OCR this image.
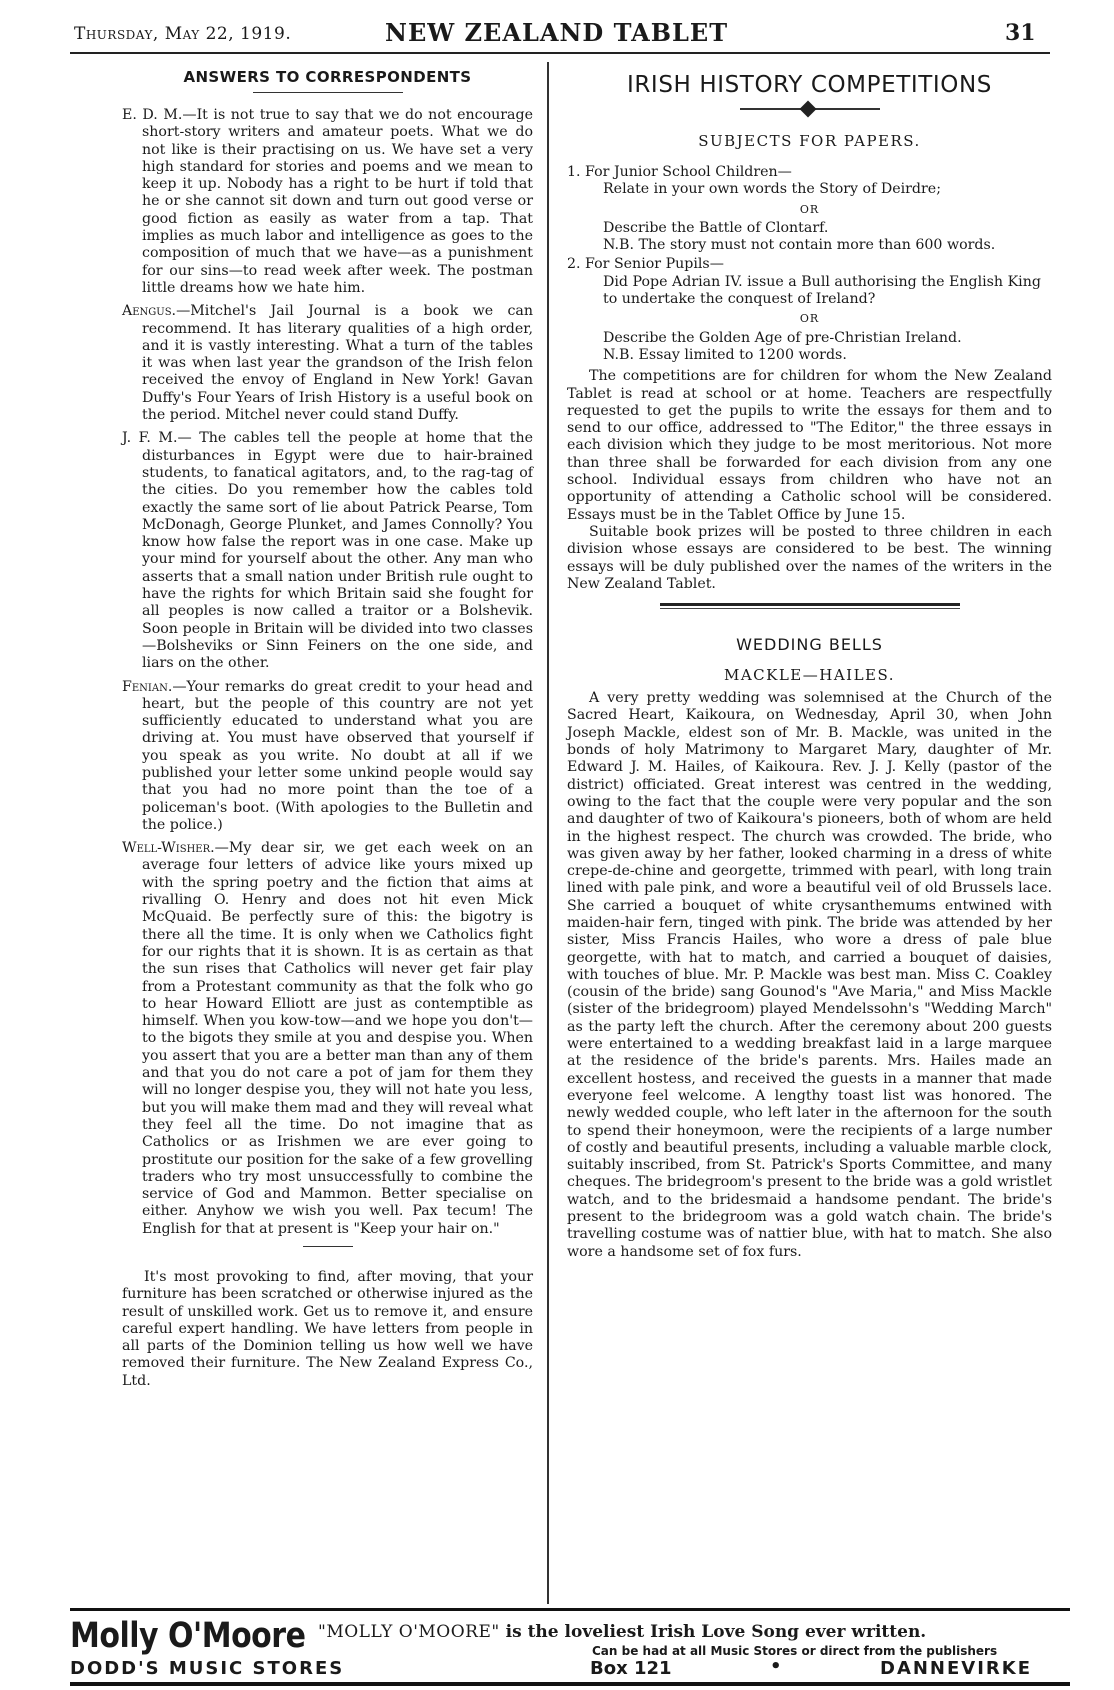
Thursday, May 22, 1919.	NEW ZEALAND TABLET	31
ANSWERS TO CORRESPONDENTS

E. D. M.—It is not true to say that we do not encourage short-story writers and amateur poets. What we do not like is their practising on us. We have set a very high standard for stories and poems and we mean to keep it up. Nobody has a right to be hurt if told that he or she cannot sit down and turn out good verse or good fiction as easily as water from a tap. That implies as much labor and intelligence as goes to the composition of much that we have—as a punishment for our sins—to read week after week. The postman little dreams how we hate him.

Aengus.—Mitchel's Jail Journal is a book we can recommend. It has literary qualities of a high order, and it is vastly interesting. What a turn of the tables it was when last year the grandson of the Irish felon received the envoy of England in New York! Gavan Duffy's Four Years of Irish History is a useful book on the period. Mitchel never could stand Duffy.

J. F. M.— The cables tell the people at home that the disturbances in Egypt were due to hair-brained students, to fanatical agitators, and, to the rag-tag of the cities. Do you remember how the cables told exactly the same sort of lie about Patrick Pearse, Tom McDonagh, George Plunket, and James Connolly? You know how false the report was in one case. Make up your mind for yourself about the other. Any man who asserts that a small nation under British rule ought to have the rights for which Britain said she fought for all peoples is now called a traitor or a Bolshevik. Soon people in Britain will be divided into two classes—Bolsheviks or Sinn Feiners on the one side, and liars on the other.

Fenian.—Your remarks do great credit to your head and heart, but the people of this country are not yet sufficiently educated to understand what you are driving at. You must have observed that yourself if you speak as you write. No doubt at all if we published your letter some unkind people would say that you had no more point than the toe of a policeman's boot. (With apologies to the Bulletin and the police.)

Well-Wisher.—My dear sir, we get each week on an average four letters of advice like yours mixed up with the spring poetry and the fiction that aims at rivalling O. Henry and does not hit even Mick McQuaid. Be perfectly sure of this: the bigotry is there all the time. It is only when we Catholics fight for our rights that it is shown. It is as certain as that the sun rises that Catholics will never get fair play from a Protestant community as that the folk who go to hear Howard Elliott are just as contemptible as himself. When you kow-tow—and we hope you don't—to the bigots they smile at you and despise you. When you assert that you are a better man than any of them and that you do not care a pot of jam for them they will no longer despise you, they will not hate you less, but you will make them mad and they will reveal what they feel all the time. Do not imagine that as Catholics or as Irishmen we are ever going to prostitute our position for the sake of a few grovelling traders who try most unsuccessfully to combine the service of God and Mammon. Better specialise on either. Anyhow we wish you well. Pax tecum! The English for that at present is "Keep your hair on."

It's most provoking to find, after moving, that your furniture has been scratched or otherwise injured as the result of unskilled work. Get us to remove it, and ensure careful expert handling. We have letters from people in all parts of the Dominion telling us how well we have removed their furniture. The New Zealand Express Co., Ltd.

IRISH HISTORY COMPETITIONS
SUBJECTS FOR PAPERS.
1. For Junior School Children—
Relate in your own words the Story of Deirdre;
OR
Describe the Battle of Clontarf.
N.B. The story must not contain more than 600 words.
2. For Senior Pupils—
Did Pope Adrian IV. issue a Bull authorising the English King to undertake the conquest of Ireland?
OR
Describe the Golden Age of pre-Christian Ireland.
N.B. Essay limited to 1200 words.

The competitions are for children for whom the New Zealand Tablet is read at school or at home. Teachers are respectfully requested to get the pupils to write the essays for them and to send to our office, addressed to "The Editor," the three essays in each division which they judge to be most meritorious. Not more than three shall be forwarded for each division from any one school. Individual essays from children who have not an opportunity of attending a Catholic school will be considered. Essays must be in the Tablet Office by June 15.

Suitable book prizes will be posted to three children in each division whose essays are considered to be best. The winning essays will be duly published over the names of the writers in the New Zealand Tablet.

WEDDING BELLS
MACKLE—HAILES.

A very pretty wedding was solemnised at the Church of the Sacred Heart, Kaikoura, on Wednesday, April 30, when John Joseph Mackle, eldest son of Mr. B. Mackle, was united in the bonds of holy Matrimony to Margaret Mary, daughter of Mr. Edward J. M. Hailes, of Kaikoura. Rev. J. J. Kelly (pastor of the district) officiated. Great interest was centred in the wedding, owing to the fact that the couple were very popular and the son and daughter of two of Kaikoura's pioneers, both of whom are held in the highest respect. The church was crowded. The bride, who was given away by her father, looked charming in a dress of white crepe-de-chine and georgette, trimmed with pearl, with long train lined with pale pink, and wore a beautiful veil of old Brussels lace. She carried a bouquet of white crysanthemums entwined with maiden-hair fern, tinged with pink. The bride was attended by her sister, Miss Francis Hailes, who wore a dress of pale blue georgette, with hat to match, and carried a bouquet of daisies, with touches of blue. Mr. P. Mackle was best man. Miss C. Coakley (cousin of the bride) sang Gounod's "Ave Maria," and Miss Mackle (sister of the bridegroom) played Mendelssohn's "Wedding March" as the party left the church. After the ceremony about 200 guests were entertained to a wedding breakfast laid in a large marquee at the residence of the bride's parents. Mrs. Hailes made an excellent hostess, and received the guests in a manner that made everyone feel welcome. A lengthy toast list was honored. The newly wedded couple, who left later in the afternoon for the south to spend their honeymoon, were the recipients of a large number of costly and beautiful presents, including a valuable marble clock, suitably inscribed, from St. Patrick's Sports Committee, and many cheques. The bridegroom's present to the bride was a gold wristlet watch, and to the bridesmaid a handsome pendant. The bride's present to the bridegroom was a gold watch chain. The bride's travelling costume was of nattier blue, with hat to match. She also wore a handsome set of fox furs.

Molly O'Moore "MOLLY O'MOORE" is the loveliest Irish Love Song ever written.
Can be had at all Music Stores or direct from the publishers
DODD'S MUSIC STORES	Box 121	•	DANNEVIRKE
